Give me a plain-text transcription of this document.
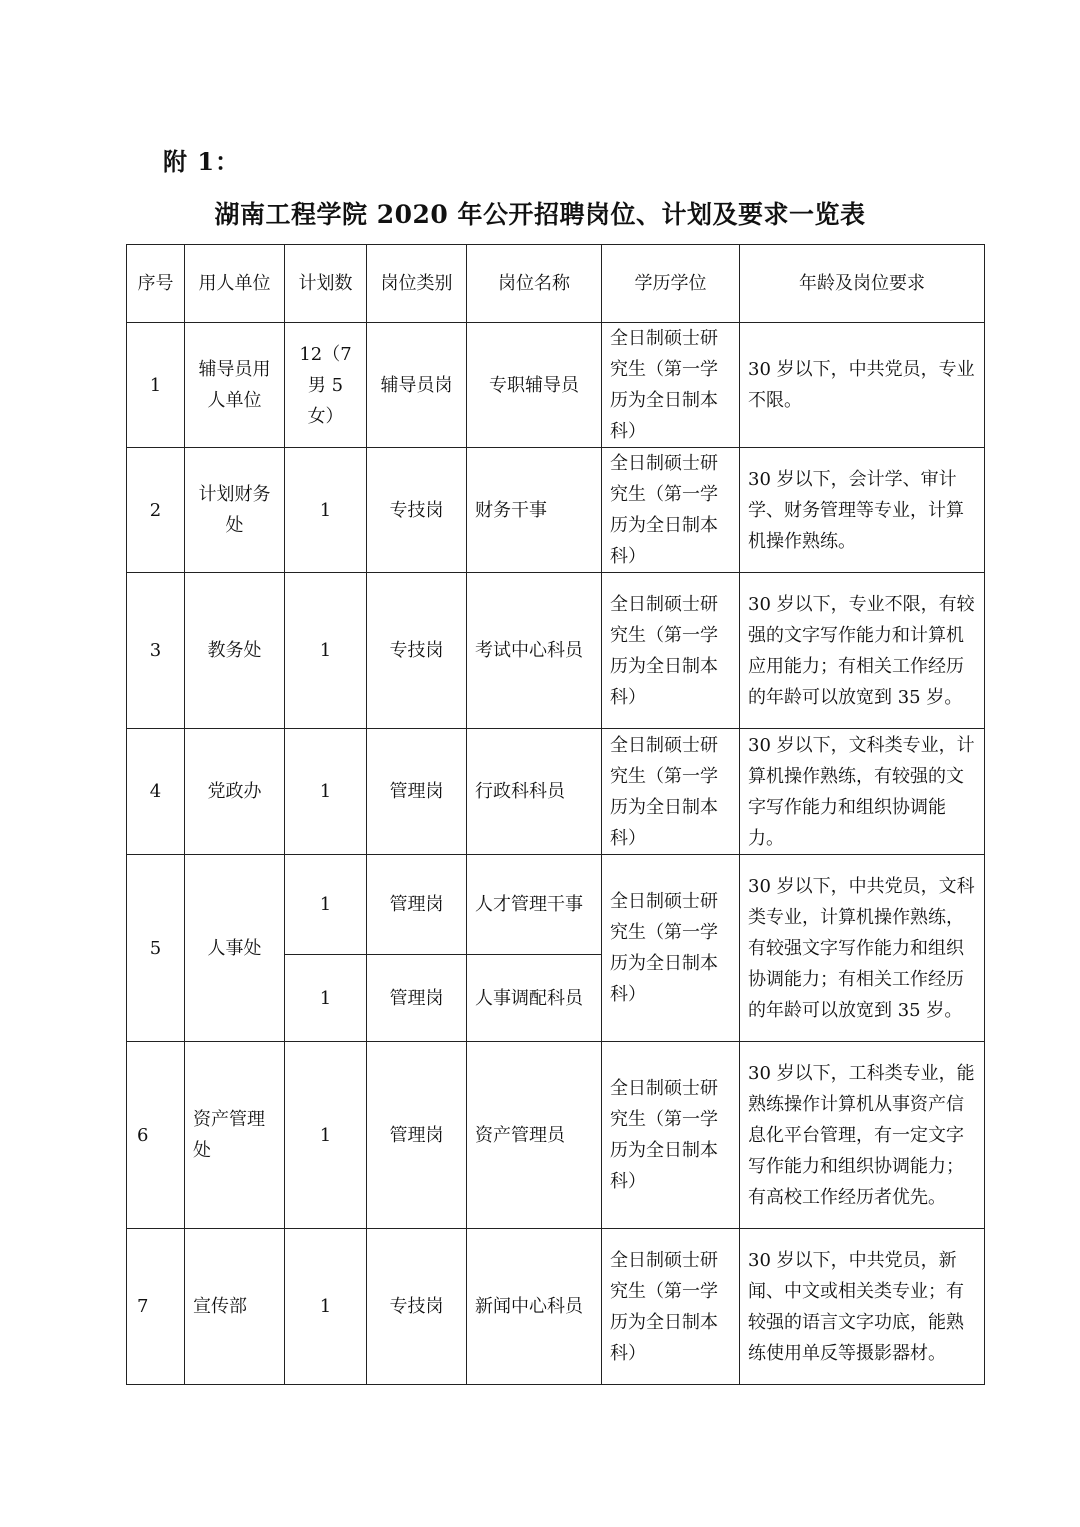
附 1：
湖南工程学院 2020 年公开招聘岗位、计划及要求一览表
序号	用人单位	计划数	岗位类别	岗位名称	学历学位	年龄及岗位要求
1	辅导员用人单位	12（7男 5 女）	辅导员岗	专职辅导员	全日制硕士研究生（第一学历为全日制本科）	30 岁以下，中共党员，专业不限。
2	计划财务处	1	专技岗	财务干事	全日制硕士研究生（第一学历为全日制本科）	30 岁以下，会计学、审计学、财务管理等专业，计算机操作熟练。
3	教务处	1	专技岗	考试中心科员	全日制硕士研究生（第一学历为全日制本科）	30 岁以下，专业不限，有较强的文字写作能力和计算机应用能力；有相关工作经历的年龄可以放宽到 35 岁。
4	党政办	1	管理岗	行政科科员	全日制硕士研究生（第一学历为全日制本科）	30 岁以下，文科类专业，计算机操作熟练，有较强的文字写作能力和组织协调能力。
5	人事处	1	管理岗	人才管理干事	全日制硕士研究生（第一学历为全日制本科）	30 岁以下，中共党员，文科类专业，计算机操作熟练，有较强文字写作能力和组织协调能力；有相关工作经历的年龄可以放宽到 35 岁。
		1	管理岗	人事调配科员		
6	资产管理处	1	管理岗	资产管理员	全日制硕士研究生（第一学历为全日制本科）	30 岁以下，工科类专业，能熟练操作计算机从事资产信息化平台管理，有一定文字写作能力和组织协调能力；有高校工作经历者优先。
7	宣传部	1	专技岗	新闻中心科员	全日制硕士研究生（第一学历为全日制本科）	30 岁以下，中共党员，新闻、中文或相关类专业；有较强的语言文字功底，能熟练使用单反等摄影器材。
